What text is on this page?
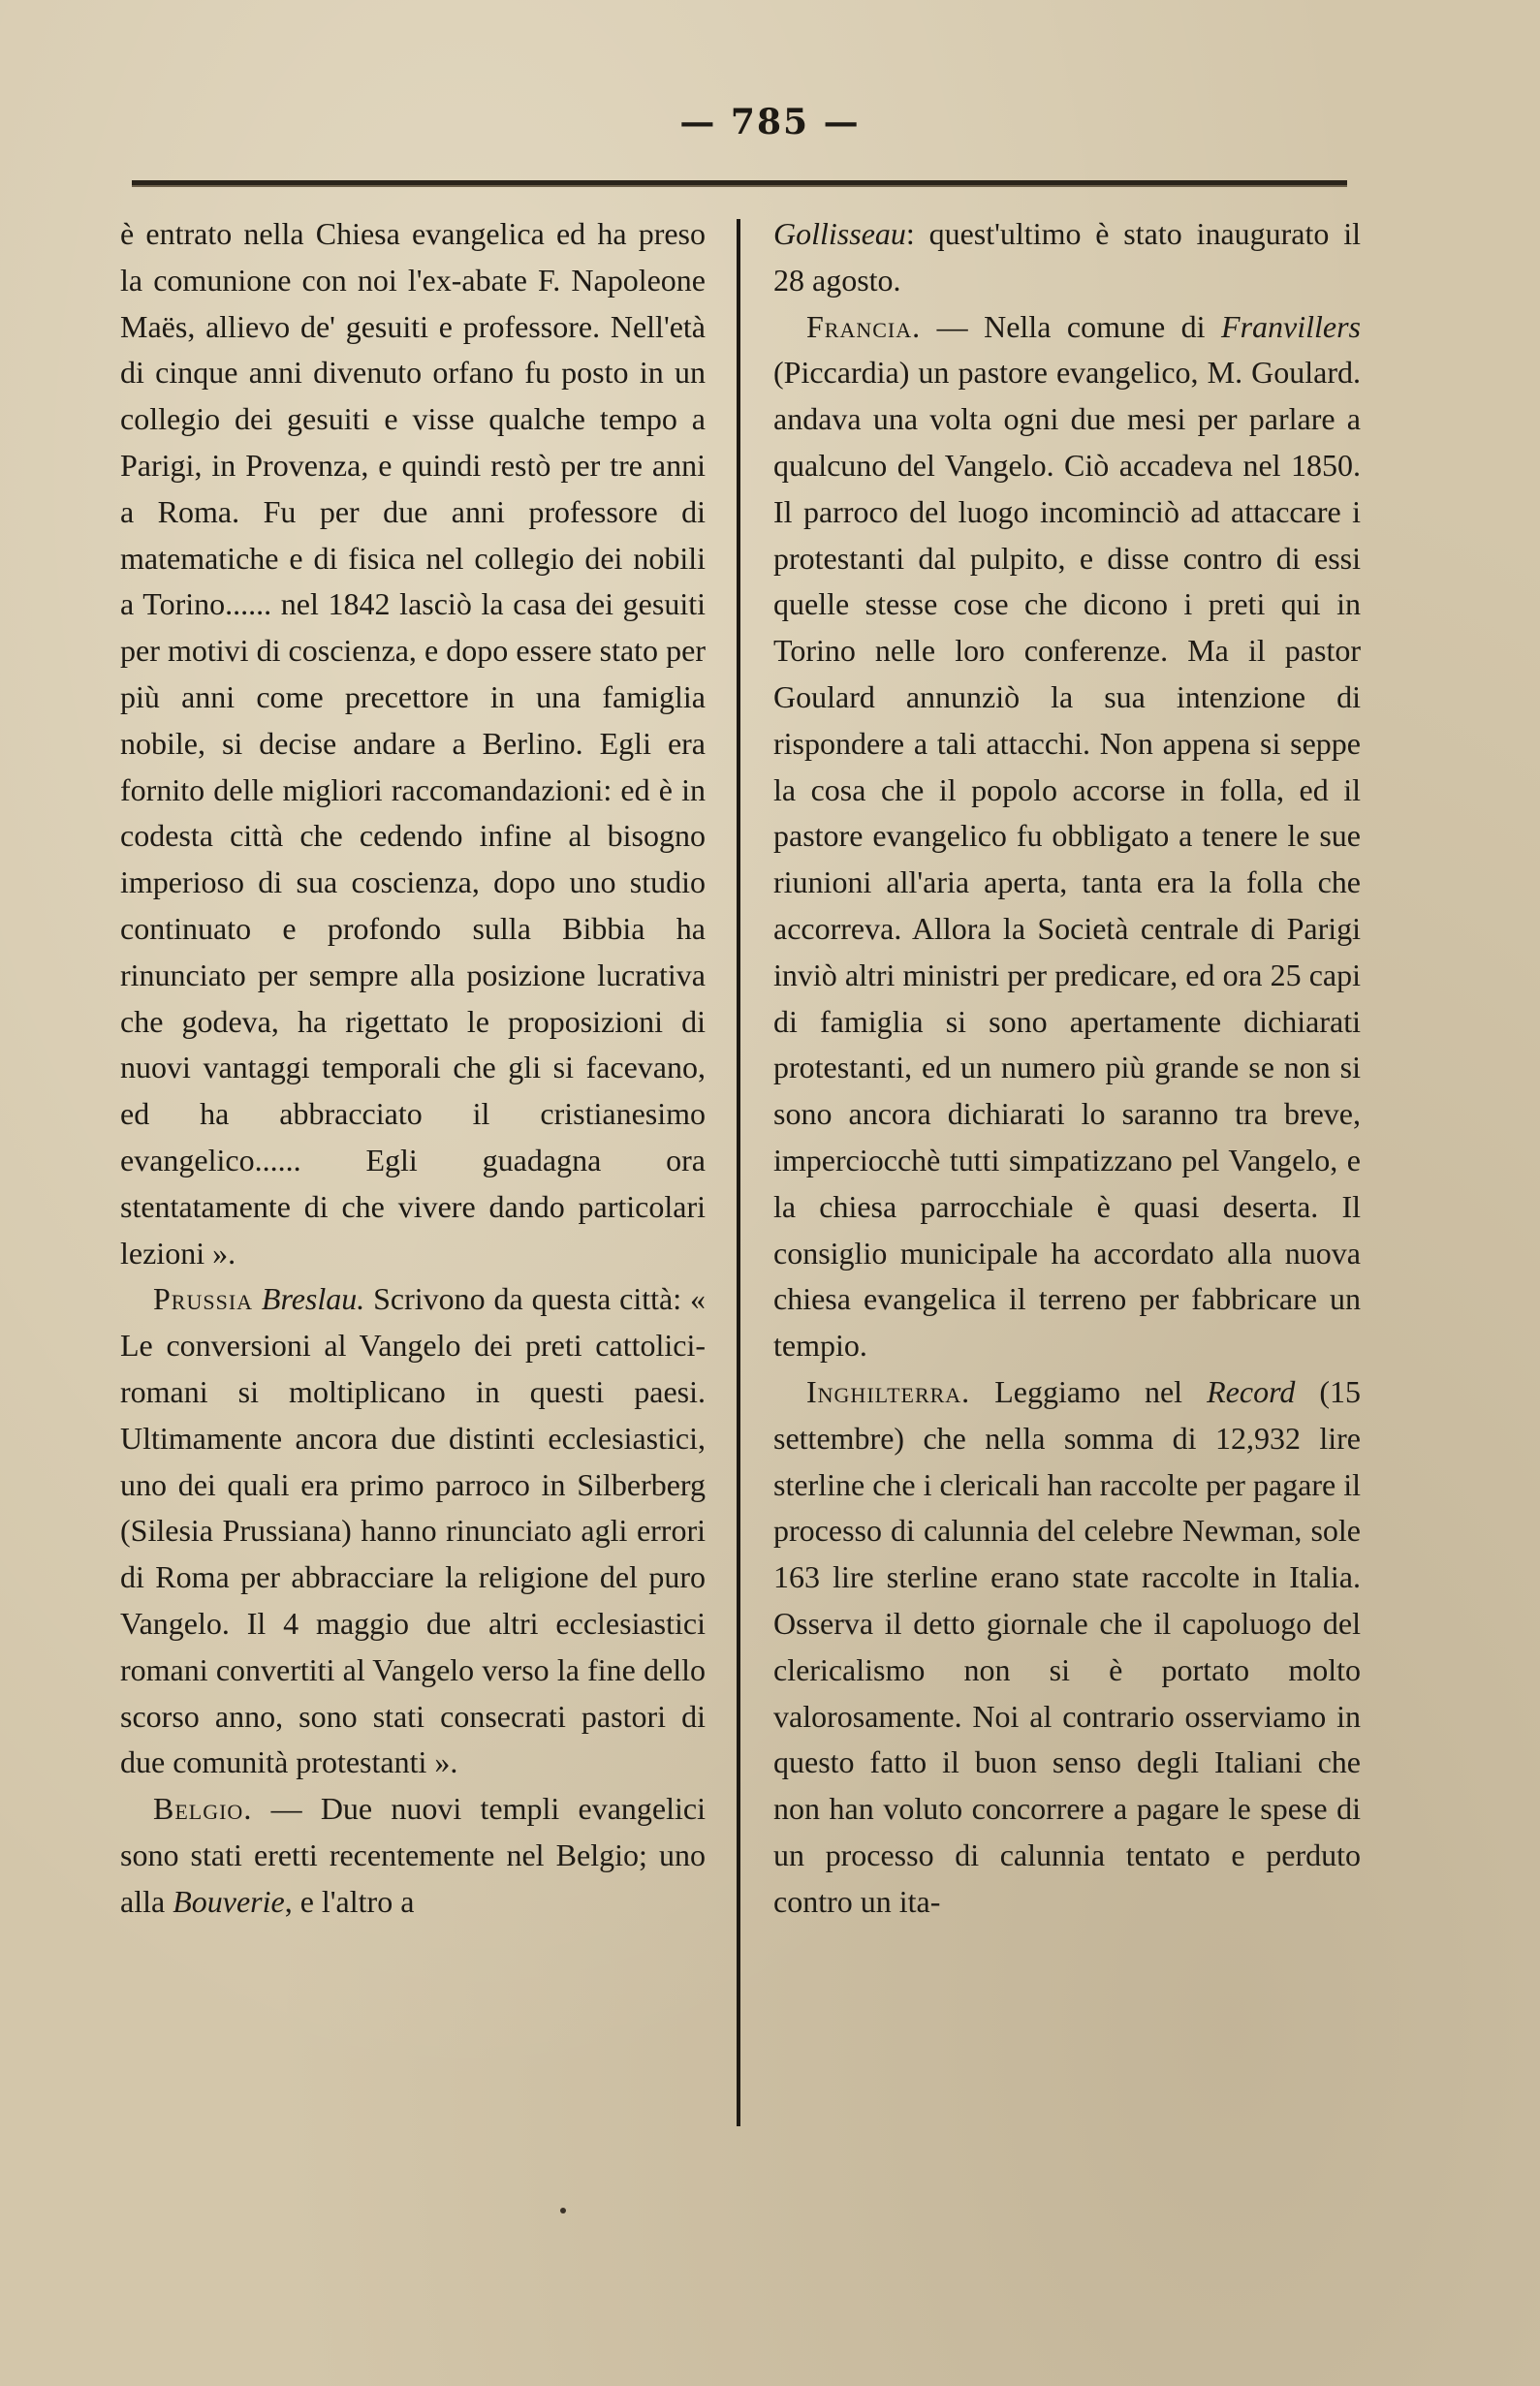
— 785 —

è entrato nella Chiesa evangelica ed ha preso la comunione con noi l'ex-abate F. Napoleone Maës, allievo de' gesuiti e professore. Nell'età di cinque anni divenuto orfano fu posto in un collegio dei gesuiti e visse qualche tempo a Parigi, in Provenza, e quindi restò per tre anni a Roma. Fu per due anni professore di matematiche e di fisica nel collegio dei nobili a Torino...... nel 1842 lasciò la casa dei gesuiti per motivi di coscienza, e dopo essere stato per più anni come precettore in una famiglia nobile, si decise andare a Berlino. Egli era fornito delle migliori raccomandazioni: ed è in codesta città che cedendo infine al bisogno imperioso di sua coscienza, dopo uno studio continuato e profondo sulla Bibbia ha rinunciato per sempre alla posizione lucrativa che godeva, ha rigettato le proposizioni di nuovi vantaggi temporali che gli si facevano, ed ha abbracciato il cristianesimo evangelico...... Egli guadagna ora stentatamente di che vivere dando particolari lezioni ».

Prussia Breslau. Scrivono da questa città: « Le conversioni al Vangelo dei preti cattolici-romani si moltiplicano in questi paesi. Ultimamente ancora due distinti ecclesiastici, uno dei quali era primo parroco in Silberberg (Silesia Prussiana) hanno rinunciato agli errori di Roma per abbracciare la religione del puro Vangelo. Il 4 maggio due altri ecclesiastici romani convertiti al Vangelo verso la fine dello scorso anno, sono stati consecrati pastori di due comunità protestanti ».

Belgio. — Due nuovi templi evangelici sono stati eretti recentemente nel Belgio; uno alla Bouverie, e l'altro a

Gollisseau: quest'ultimo è stato inaugurato il 28 agosto.

Francia. — Nella comune di Franvillers (Piccardia) un pastore evangelico, M. Goulard. andava una volta ogni due mesi per parlare a qualcuno del Vangelo. Ciò accadeva nel 1850. Il parroco del luogo incominciò ad attaccare i protestanti dal pulpito, e disse contro di essi quelle stesse cose che dicono i preti qui in Torino nelle loro conferenze. Ma il pastor Goulard annunziò la sua intenzione di rispondere a tali attacchi. Non appena si seppe la cosa che il popolo accorse in folla, ed il pastore evangelico fu obbligato a tenere le sue riunioni all'aria aperta, tanta era la folla che accorreva. Allora la Società centrale di Parigi inviò altri ministri per predicare, ed ora 25 capi di famiglia si sono apertamente dichiarati protestanti, ed un numero più grande se non si sono ancora dichiarati lo saranno tra breve, imperciocchè tutti simpatizzano pel Vangelo, e la chiesa parrocchiale è quasi deserta. Il consiglio municipale ha accordato alla nuova chiesa evangelica il terreno per fabbricare un tempio.

Inghilterra. Leggiamo nel Record (15 settembre) che nella somma di 12,932 lire sterline che i clericali han raccolte per pagare il processo di calunnia del celebre Newman, sole 163 lire sterline erano state raccolte in Italia. Osserva il detto giornale che il capoluogo del clericalismo non si è portato molto valorosamente. Noi al contrario osserviamo in questo fatto il buon senso degli Italiani che non han voluto concorrere a pagare le spese di un processo di calunnia tentato e perduto contro un ita-
